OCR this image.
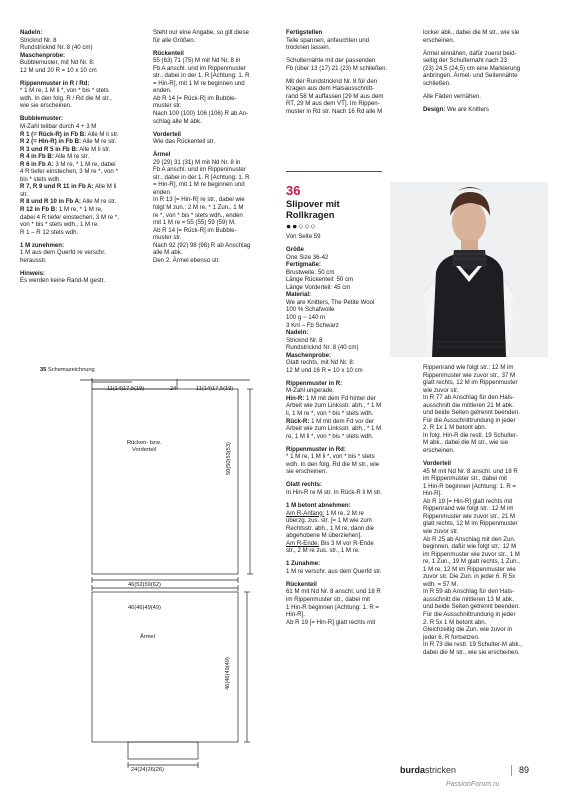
Nadeln:

Stricknd Nr. 8
Rundstricknd Nr. 8 (40 cm)

Maschenprobe:

Bubblemuster, mit Nd Nr. 8:
12 M und 20 R = 10 x 10 cm

Rippenmuster in R / Rd:

* 1 M re, 1 M li *, von * bis * stets
wdh. In den folg. R / Rd die M str.,
wie sie erscheinen.

Bubblemuster:

M-Zahl teilbar durch 4 + 3 M

R 1 (= Rück-R) in Fb B: Alle M li str.

R 2 (= Hin-R) in Fb B: Alle M re str.

R 3 und R 5 in Fb B: Alle M li str.

R 4 in Fb B: Alle M re str.

R 6 in Fb A: 3 M re, * 1 M re, dabei
4 R tiefer einstechen, 3 M re *, von *
bis * stets wdh.

R 7, R 9 und R 11 in Fb A: Alle M li
str.

R 8 und R 10 in Fb A: Alle M re str.

R 12 in Fb B: 1 M re, * 1 M re,
dabei 4 R tiefer einstechen, 3 M re *,
von * bis * stets wdh., 1 M re.

R 1 – R 12 stets wdh.

1 M zunehmen:

1 M aus dem Querfd re verschr.
herausstr.

Hinweis:

Es werden keine Rand-M gestr.

Steht nur eine Angabe, so gilt diese
für alle Größen.

Rückenteil

55 (63) 71 (75) M mit Nd Nr. 8 in
Fb A anschl. und im Rippenmuster
str., dabei in der 1. R [Achtung: 1. R
= Hin-R], mit 1 M re beginnen und
enden.
Ab R 14 [= Rück-R] im Bubble-
muster str.
Nach 100 (100) 106 (106) R ab An-
schlag alle M abk.

Vorderteil

Wie das Rückenteil str.

Ärmel

29 (29) 31 (31) M mit Nd Nr. 8 in
Fb A anschl. und im Rippenmuster
str., dabei in der 1. R [Achtung: 1. R
= Hin-R], mit 1 M re beginnen und
enden.
In R 13 [= Hin-R] re str., dabei wie
folgt M zun.: 2 M re, * 1 Zun., 1 M
re *, von * bis * stets wdh., enden
mit 1 M re = 55 (55) 59 (59) M.
Ab R 14 [= Rück-R] im Bubble-
muster str.
Nach 92 (92) 98 (98) R ab Anschlag
alle M abk.
Den 2. Ärmel ebenso str.

Fertigstellen

Teile spannen, anfeuchten und
trocknen lassen.

Schulternähte mit der passenden
Fb (über 13 (17) 21 (23) M schließen.

Mit der Rundstricknd Nr. 8 für den
Kragen aus dem Halsausschnitt-
rand 58 M auffassen [29 M aus dem
RT, 29 M aus dem VT]. Im Rippen-
muster in Rd str. Nach 16 Rd alle M

locker abk., dabei die M str., wie sie
erscheinen.

Ärmel einnähen, dafür zuerst beid-
seitig der Schulternaht nach 23
(23) 24,5 (24,5) cm eine Markierung
anbringen. Ärmel- und Seitennähte
schließen.

Alle Fäden vernähen.

Design: We are Knitters

36

Slipover mit Rollkragen

●●○○○

Von Seite 59

Größe

One Size 36-42

Fertigmaße:

Brustweite: 50 cm
Länge Rückenteil: 50 cm
Länge Vorderteil: 45 cm

Material:

We are Knitters, The Petite Wool
100 % Schafwolle
100 g ~ 140 m
3 Knl – Fb Schwarz

Nadeln:

Stricknd Nr. 8
Rundstricknd Nr. 8 (40 cm)

Maschenprobe:

Glatt rechts, mit Nd Nr. 8:
12 M und 16 R = 10 x 10 cm

Rippenmuster in R:

M-Zahl ungerade.

Hin-R: 1 M mit dem Fd hinter der
Arbeit wie zum Linksstr. abh., * 1 M
li, 1 M re *, von * bis * stets wdh.

Rück-R: 1 M mit dem Fd vor der
Arbeit wie zum Linksstr. abh., * 1 M
re, 1 M li *, von * bis * stets wdh.

Rippenmuster in Rd:

* 1 M re, 1 M li *, von * bis * stets
wdh. In den folg. Rd die M str., wie
sie erscheinen.

Glatt rechts:

In Hin-R re M str. In Rück-R li M str.

1 M betont abnehmen:

Am R-Anfang: 1 M re, 2 M re
überzg. zus. str. [= 1 M wie zum
Rechtsstr. abh., 1 M re, dann die
abgehobene M überziehen].

Am R-Ende: Bis 3 M vor R-Ende
str., 2 M re zus. str., 1 M re.

1 Zunahme:

1 M re verschr. aus dem Querfd str.

Rückenteil

61 M mit Nd Nr. 8 anschl. und 18 R
im Rippenmuster str., dabei mit
1 Hin-R beginnen [Achtung: 1. R =
Hin-R].
Ab R 19 [= Hin-R] glatt rechts mit

Rippenrand wie folgt str.: 12 M im
Rippenmuster wie zuvor str., 37 M
glatt rechts, 12 M im Rippenmuster
wie zuvor str.
In R 77 ab Anschlag für den Hals-
ausschnitt die mittleren 21 M abk.
und beide Seiten getrennt beenden.
Für die Ausschnittrundung in jeder
2. R 1x 1 M betont abn.
In folg. Hin-R die restl. 19 Schulter-
M abk., dabei die M str., wie sie
erscheinen.

Vorderteil

45 M mit Nd Nr. 8 anschl. und 18 R
im Rippenmuster str., dabei mit
1 Hin-R beginnen [Achtung: 1. R =
Hin-R].
Ab R 19 [= Hin-R] glatt rechts mit
Rippenrand wie folgt str.: 12 M im
Rippenmuster wie zuvor str., 21 M
glatt rechts, 12 M im Rippenmuster
wie zuvor str.
Ab R 25 ab Anschlag mit den Zun.
beginnen, dafür wie folgt str.: 12 M
im Rippenmuster wie zuvor str., 1 M
re, 1 Zun., 19 M glatt rechts, 1 Zun.,
1 M re, 12 M im Rippenmuster wie
zuvor str. Die Zun. in jeder 6. R 5x
wdh. = 57 M.
In R 59 ab Anschlag für den Hals-
ausschnitt die mittleren 13 M abk.
und beide Seiten getrennt beenden.
Für die Ausschnittrundung in jeder
2. R 5x 1 M betont abn.
Gleichzeitig die Zun. wie zuvor in
jeder 6. R fortsetzen.
In R 73 die restl. 19 Schulter-M abk.,
dabei die M str., wie sie erscheinen.

35 Schemazeichnung
11(14)17,5(19)	24	11(14)17,5(19)
Rücken- bzw.
Vorderteil	50(50)53(53)
46(52)59(62)
46(46)49(49)
Ärmel
46(46)49(49)
24(24)26(26)	burdastricken	89
PassionForum.ru
